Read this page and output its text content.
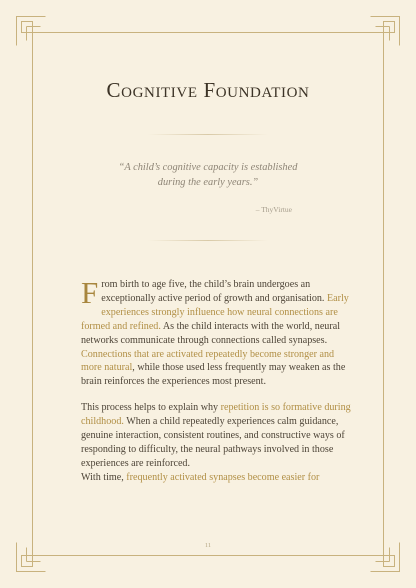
Cognitive Foundation
“A child’s cognitive capacity is established during the early years.”
– ThyVirtue

From birth to age five, the child’s brain undergoes an exceptionally active period of growth and organisation. Early experiences strongly influence how neural connections are formed and refined. As the child interacts with the world, neural networks communicate through connections called synapses. Connections that are activated repeatedly become stronger and more natural, while those used less frequently may weaken as the brain reinforces the experiences most present.

This process helps to explain why repetition is so formative during childhood. When a child repeatedly experiences calm guidance, genuine interaction, consistent routines, and constructive ways of responding to difficulty, the neural pathways involved in those experiences are reinforced.

With time, frequently activated synapses become easier for

11
